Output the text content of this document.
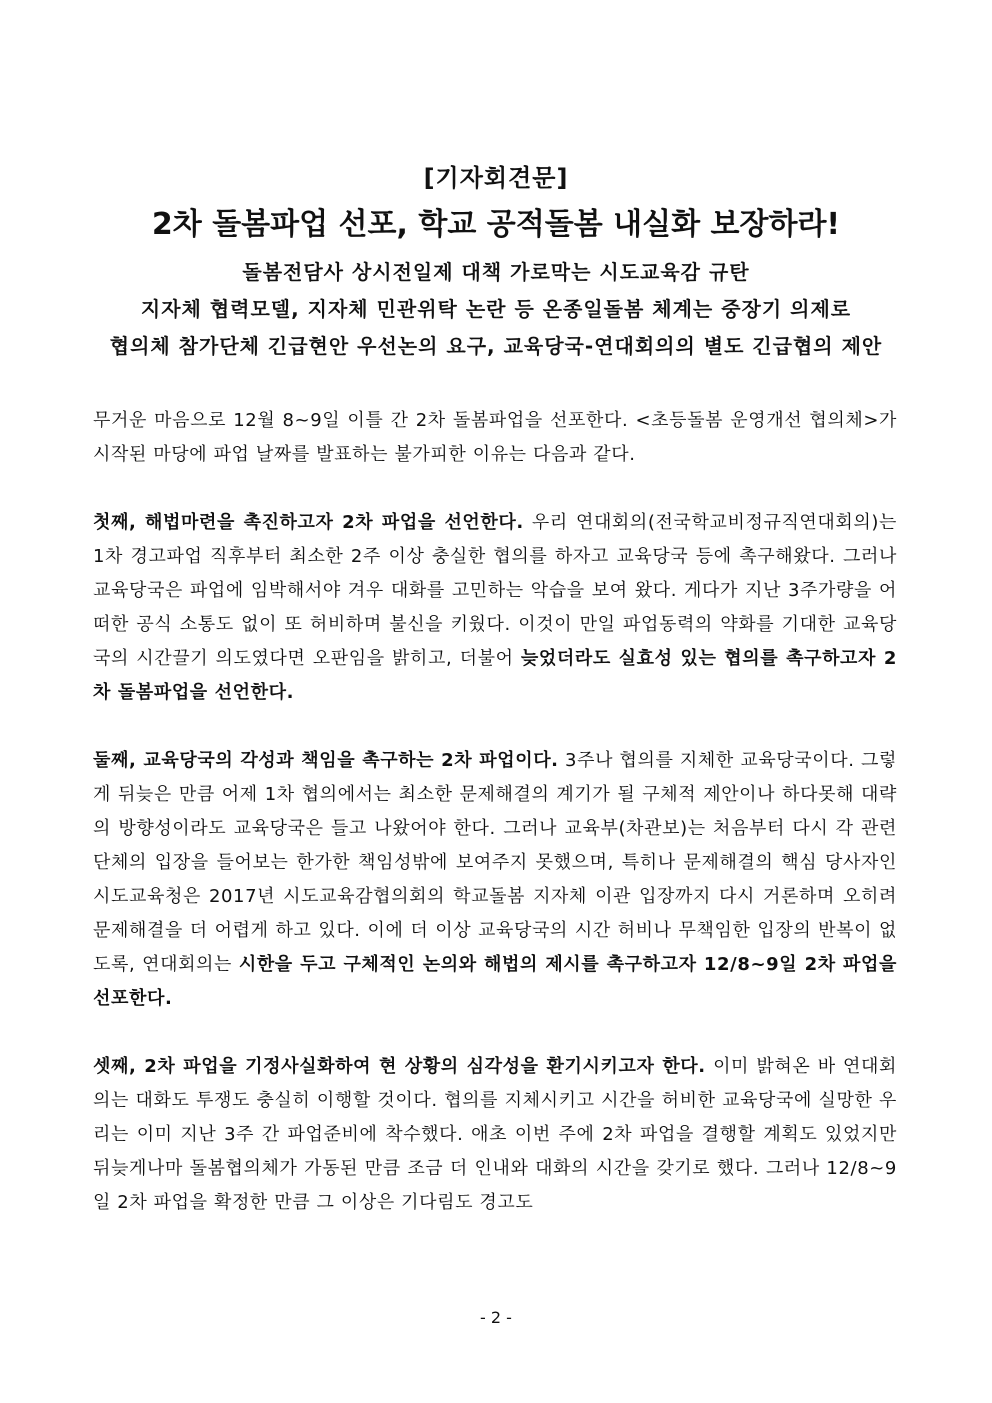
[기자회견문]
2차 돌봄파업 선포, 학교 공적돌봄 내실화 보장하라!
돌봄전담사 상시전일제 대책 가로막는 시도교육감 규탄
지자체 협력모델, 지자체 민관위탁 논란 등 온종일돌봄 체계는 중장기 의제로
협의체 참가단체 긴급현안 우선논의 요구, 교육당국-연대회의의 별도 긴급협의 제안

무거운 마음으로 12월 8~9일 이틀 간 2차 돌봄파업을 선포한다. <초등돌봄 운영개선 협의체>가 시작된 마당에 파업 날짜를 발표하는 불가피한 이유는 다음과 같다.

첫째, 해법마련을 촉진하고자 2차 파업을 선언한다. 우리 연대회의(전국학교비정규직연대회의)는 1차 경고파업 직후부터 최소한 2주 이상 충실한 협의를 하자고 교육당국 등에 촉구해왔다. 그러나 교육당국은 파업에 임박해서야 겨우 대화를 고민하는 악습을 보여 왔다. 게다가 지난 3주가량을 어떠한 공식 소통도 없이 또 허비하며 불신을 키웠다. 이것이 만일 파업동력의 약화를 기대한 교육당국의 시간끌기 의도였다면 오판임을 밝히고, 더불어 늦었더라도 실효성 있는 협의를 촉구하고자 2차 돌봄파업을 선언한다.

둘째, 교육당국의 각성과 책임을 촉구하는 2차 파업이다. 3주나 협의를 지체한 교육당국이다. 그렇게 뒤늦은 만큼 어제 1차 협의에서는 최소한 문제해결의 계기가 될 구체적 제안이나 하다못해 대략의 방향성이라도 교육당국은 들고 나왔어야 한다. 그러나 교육부(차관보)는 처음부터 다시 각 관련단체의 입장을 들어보는 한가한 책임성밖에 보여주지 못했으며, 특히나 문제해결의 핵심 당사자인 시도교육청은 2017년 시도교육감협의회의 학교돌봄 지자체 이관 입장까지 다시 거론하며 오히려 문제해결을 더 어렵게 하고 있다. 이에 더 이상 교육당국의 시간 허비나 무책임한 입장의 반복이 없도록, 연대회의는 시한을 두고 구체적인 논의와 해법의 제시를 촉구하고자 12/8~9일 2차 파업을 선포한다.

셋째, 2차 파업을 기정사실화하여 현 상황의 심각성을 환기시키고자 한다. 이미 밝혀온 바 연대회의는 대화도 투쟁도 충실히 이행할 것이다. 협의를 지체시키고 시간을 허비한 교육당국에 실망한 우리는 이미 지난 3주 간 파업준비에 착수했다. 애초 이번 주에 2차 파업을 결행할 계획도 있었지만 뒤늦게나마 돌봄협의체가 가동된 만큼 조금 더 인내와 대화의 시간을 갖기로 했다. 그러나 12/8~9일 2차 파업을 확정한 만큼 그 이상은 기다림도 경고도

- 2 -
